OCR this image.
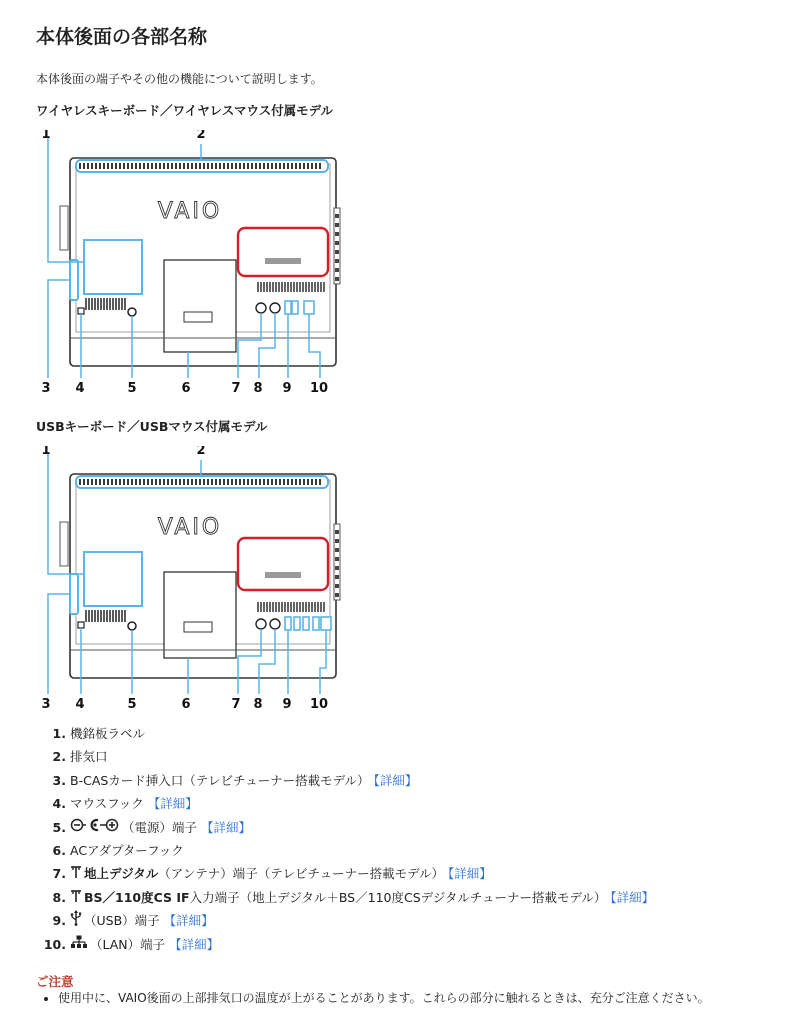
本体後面の各部名称
本体後面の端子やその他の機能について説明します。
ワイヤレスキーボード／ワイヤレスマウス付属モデル
VAIO
1	2
3 4	5	6	7 8 9 10
USBキーボード／USBマウス付属モデル
VAIO
1	2
3 4	5	6	7 8 9 10
1. 機銘板ラベル
2. 排気口
3. B-CASカード挿入口（テレビチューナー搭載モデル） 【詳細】
4. マウスフック 【詳細】
5.	（電源）端子 【詳細】
6. ACアダプターフック
7. 地上デジタル（アンテナ）端子（テレビチューナー搭載モデル） 【詳細】
8. BS／110度CS IF入力端子（地上デジタル＋BS／110度CSデジタルチューナー搭載モデル） 【詳細】
9. （USB）端子 【詳細】
10. （LAN）端子 【詳細】
ご注意
• 使用中に、VAIO後面の上部排気口の温度が上がることがあります。これらの部分に触れるときは、充分ご注意ください。
